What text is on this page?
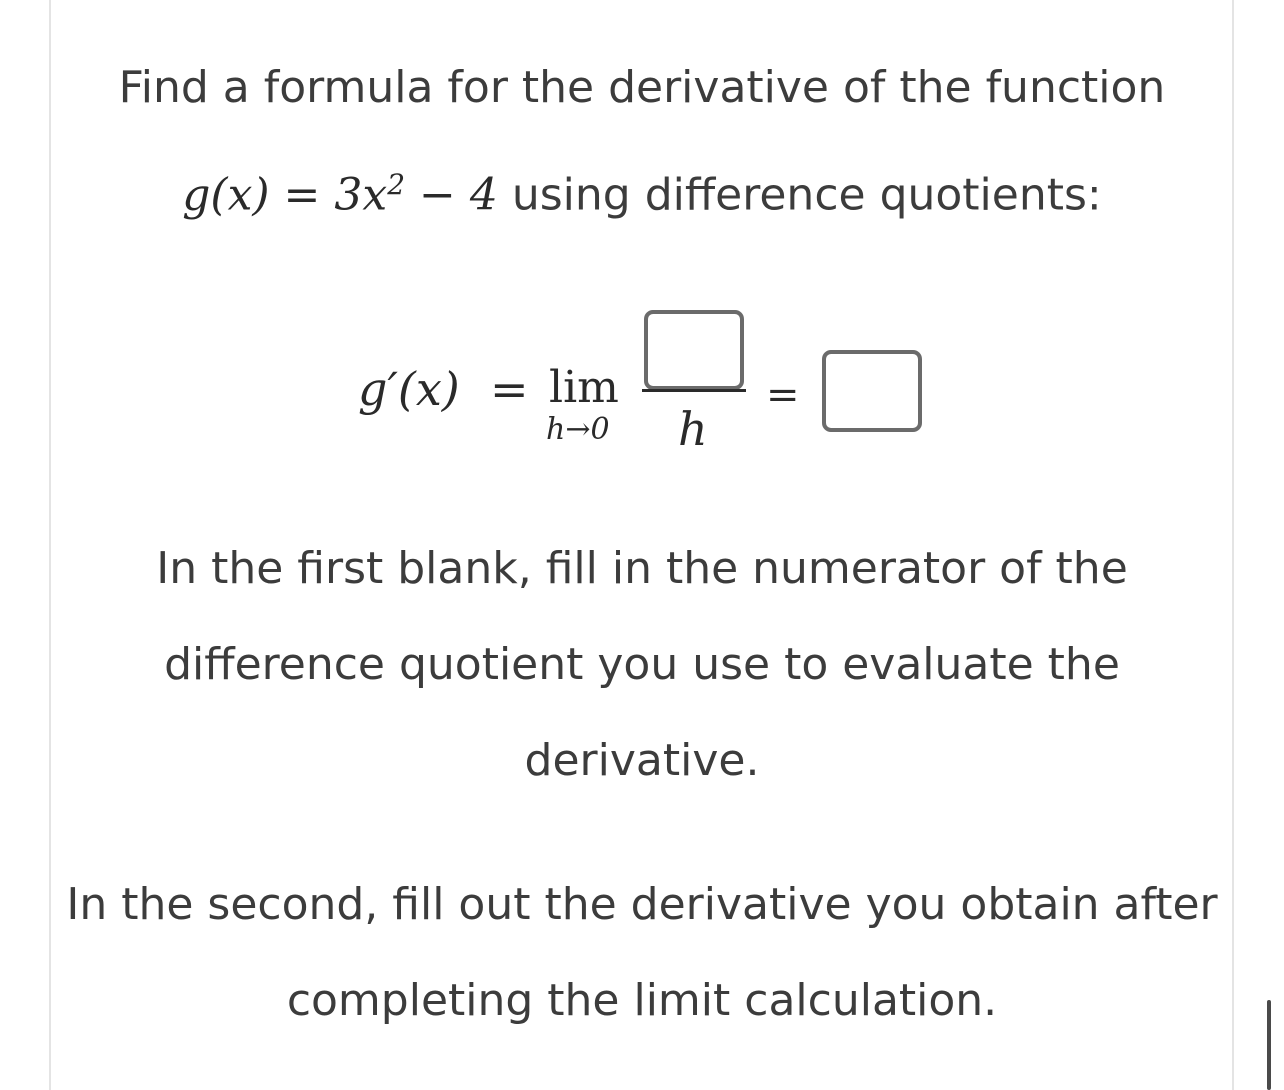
Find a formula for the derivative of the function
$g(x) = 3x^2 - 4$ using difference quotients:
g′(x) = lim
h→0 h
=
In the first blank, fill in the numerator of the
difference quotient you use to evaluate the
derivative.
In the second, fill out the derivative you obtain after
completing the limit calculation.
